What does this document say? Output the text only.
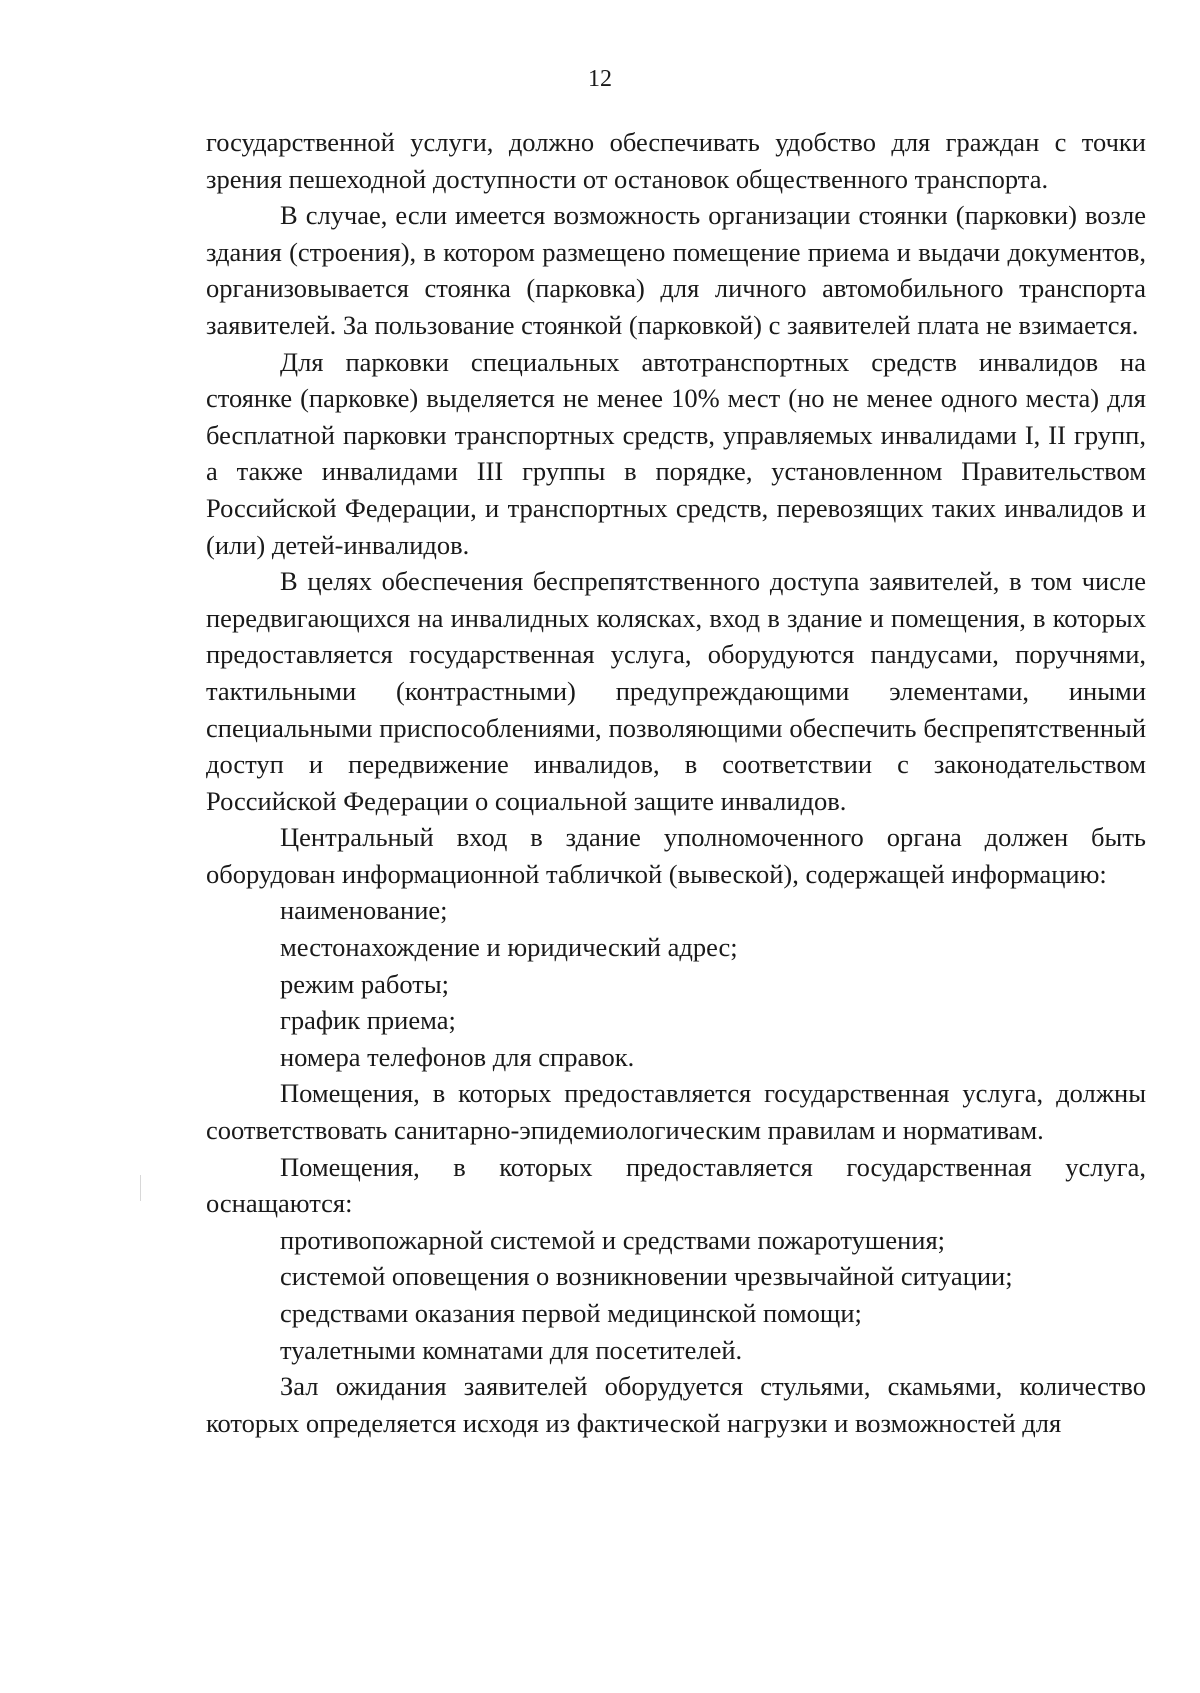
12

государственной услуги, должно обеспечивать удобство для граждан с точки зрения пешеходной доступности от остановок общественного транспорта.

В случае, если имеется возможность организации стоянки (парковки) возле здания (строения), в котором размещено помещение приема и выдачи документов, организовывается стоянка (парковка) для личного автомобильного транспорта заявителей. За пользование стоянкой (парковкой) с заявителей плата не взимается.

Для парковки специальных автотранспортных средств инвалидов на стоянке (парковке) выделяется не менее 10% мест (но не менее одного места) для бесплатной парковки транспортных средств, управляемых инвалидами I, II групп, а также инвалидами III группы в порядке, установленном Правительством Российской Федерации, и транспортных средств, перевозящих таких инвалидов и (или) детей-инвалидов.

В целях обеспечения беспрепятственного доступа заявителей, в том числе передвигающихся на инвалидных колясках, вход в здание и помещения, в которых предоставляется государственная услуга, оборудуются пандусами, поручнями, тактильными (контрастными) предупреждающими элементами, иными специальными приспособлениями, позволяющими обеспечить беспрепятственный доступ и передвижение инвалидов, в соответствии с законодательством Российской Федерации о социальной защите инвалидов.

Центральный вход в здание уполномоченного органа должен быть оборудован информационной табличкой (вывеской), содержащей информацию:

наименование;

местонахождение и юридический адрес;

режим работы;

график приема;

номера телефонов для справок.

Помещения, в которых предоставляется государственная услуга, должны соответствовать санитарно-эпидемиологическим правилам и нормативам.

Помещения, в которых предоставляется государственная услуга, оснащаются:

противопожарной системой и средствами пожаротушения;

системой оповещения о возникновении чрезвычайной ситуации;

средствами оказания первой медицинской помощи;

туалетными комнатами для посетителей.

Зал ожидания заявителей оборудуется стульями, скамьями, количество которых определяется исходя из фактической нагрузки и возможностей для
